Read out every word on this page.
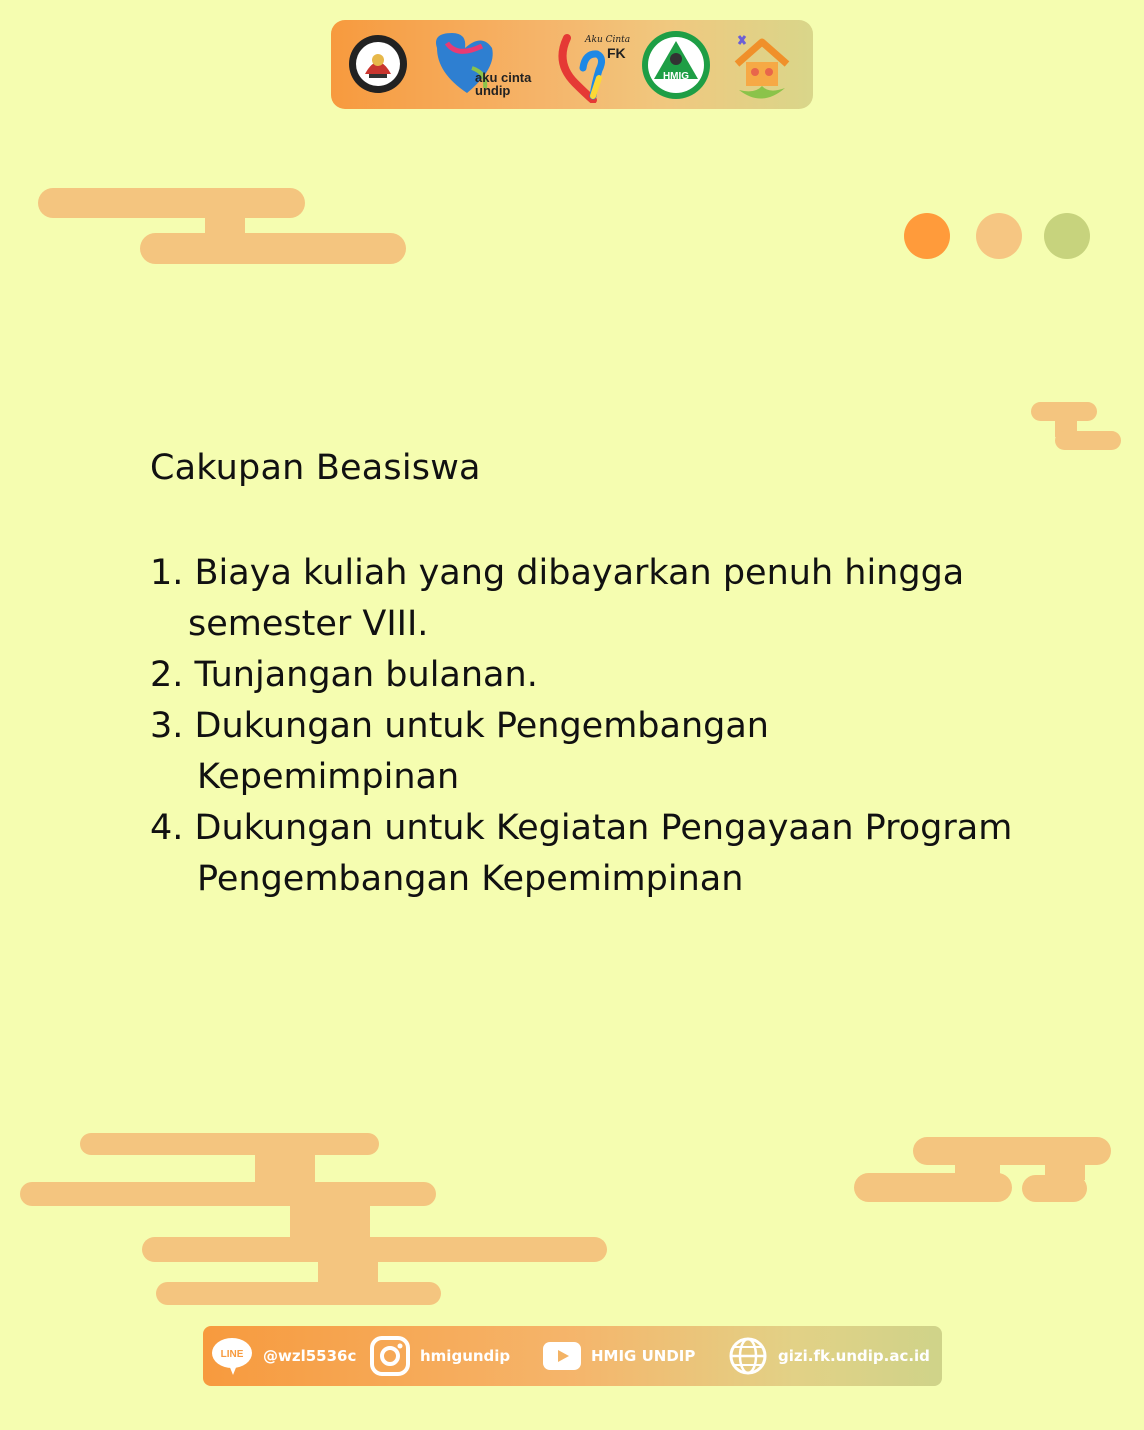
aku cinta
undip
Aku Cinta
FK
HMIG
Cakupan Beasiswa
1. Biaya kuliah yang dibayarkan penuh hingga
semester VIII.
2. Tunjangan bulanan.
3. Dukungan untuk Pengembangan
Kepemimpinan
4. Dukungan untuk Kegiatan Pengayaan Program
Pengembangan Kepemimpinan
LINE @wzl5536c	hmigundip	HMIG UNDIP	gizi.fk.undip.ac.id
